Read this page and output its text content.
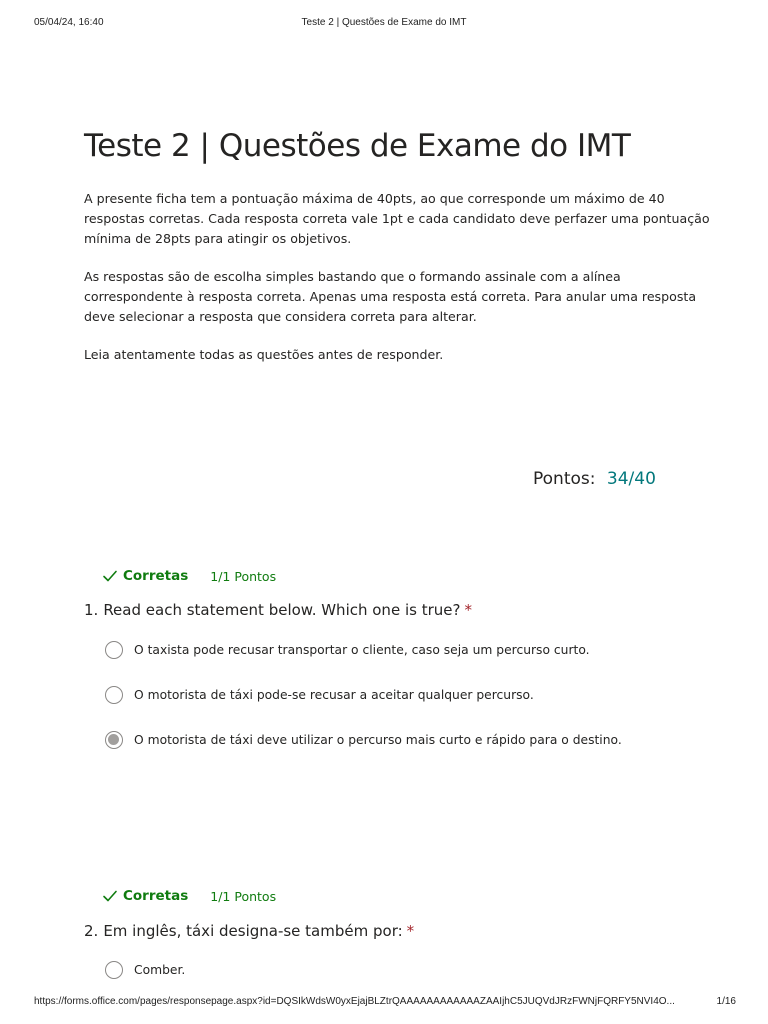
05/04/24, 16:40	Teste 2 | Questões de Exame do IMT
Teste 2 | Questões de Exame do IMT

A presente ficha tem a pontuação máxima de 40pts, ao que corresponde um máximo de 40 respostas corretas. Cada resposta correta vale 1pt e cada candidato deve perfazer uma pontuação mínima de 28pts para atingir os objetivos.

As respostas são de escolha simples bastando que o formando assinale com a alínea correspondente à resposta correta. Apenas uma resposta está correta. Para anular uma resposta deve selecionar a resposta que considera correta para alterar.

Leia atentamente todas as questões antes de responder.

Pontos: 34/40
Corretas 1/1 Pontos
1. Read each statement below. Which one is true? *
O taxista pode recusar transportar o cliente, caso seja um percurso curto.
O motorista de táxi pode-se recusar a aceitar qualquer percurso.
O motorista de táxi deve utilizar o percurso mais curto e rápido para o destino.
Corretas 1/1 Pontos
2. Em inglês, táxi designa-se também por: *
Comber.
https://forms.office.com/pages/responsepage.aspx?id=DQSIkWdsW0yxEjajBLZtrQAAAAAAAAAAAAZAAIjhC5JUQVdJRzFWNjFQRFY5NVI4O...	1/16
